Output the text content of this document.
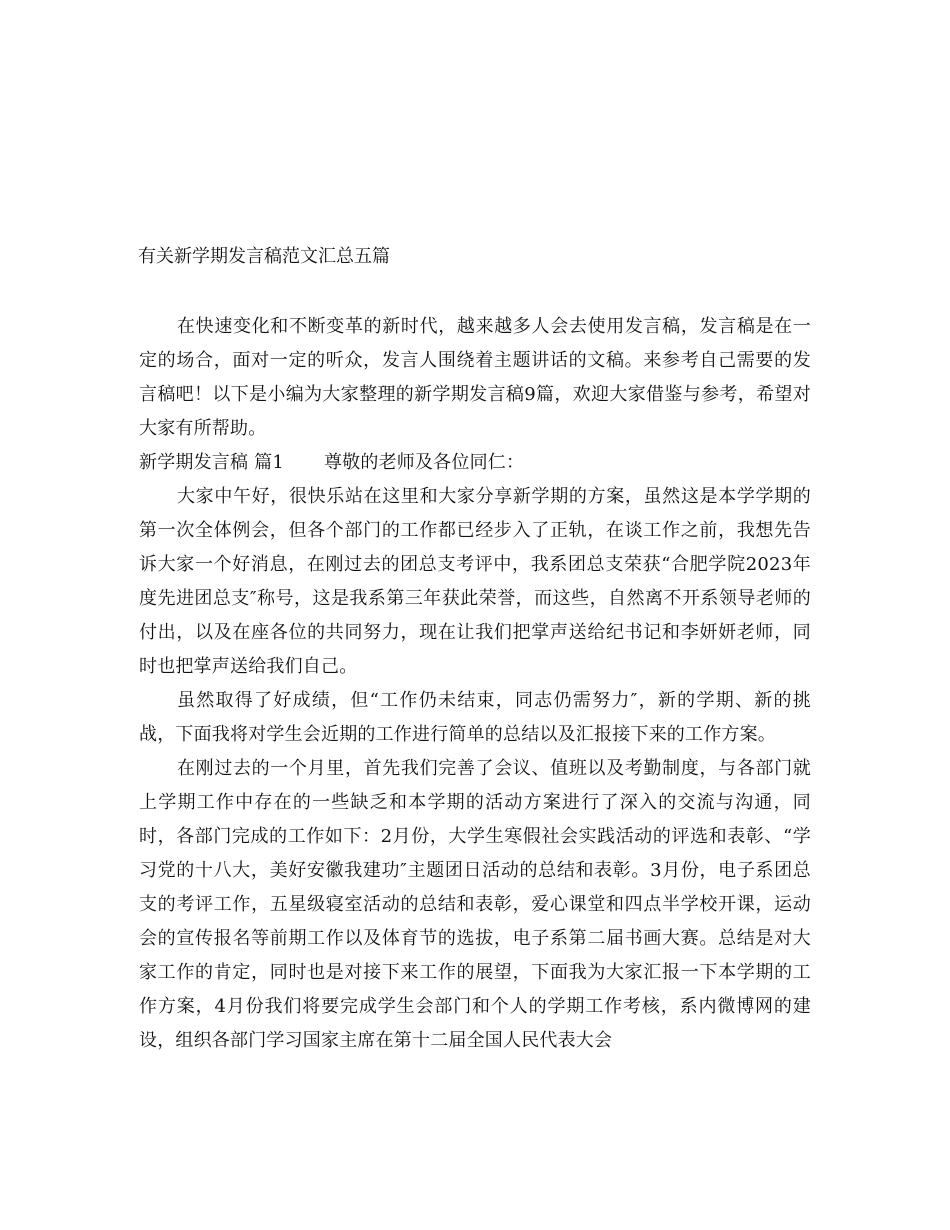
有关新学期发言稿范文汇总五篇

在快速变化和不断变革的新时代，越来越多人会去使用发言稿，发言稿是在一定的场合，面对一定的听众，发言人围绕着主题讲话的文稿。来参考自己需要的发言稿吧！以下是小编为大家整理的新学期发言稿9篇，欢迎大家借鉴与参考，希望对大家有所帮助。

新学期发言稿 篇1 尊敬的老师及各位同仁：

大家中午好，很快乐站在这里和大家分享新学期的方案，虽然这是本学学期的第一次全体例会，但各个部门的工作都已经步入了正轨，在谈工作之前，我想先告诉大家一个好消息，在刚过去的团总支考评中，我系团总支荣获“合肥学院2023年度先进团总支″称号，这是我系第三年获此荣誉，而这些，自然离不开系领导老师的付出，以及在座各位的共同努力，现在让我们把掌声送给纪书记和李妍妍老师，同时也把掌声送给我们自己。

虽然取得了好成绩，但“工作仍未结束，同志仍需努力″，新的学期、新的挑战，下面我将对学生会近期的工作进行简单的总结以及汇报接下来的工作方案。

在刚过去的一个月里，首先我们完善了会议、值班以及考勤制度，与各部门就上学期工作中存在的一些缺乏和本学期的活动方案进行了深入的交流与沟通，同时，各部门完成的工作如下：2月份，大学生寒假社会实践活动的评选和表彰、“学习党的十八大，美好安徽我建功″主题团日活动的总结和表彰。3月份，电子系团总支的考评工作，五星级寝室活动的总结和表彰，爱心课堂和四点半学校开课，运动会的宣传报名等前期工作以及体育节的选拔，电子系第二届书画大赛。总结是对大家工作的肯定，同时也是对接下来工作的展望，下面我为大家汇报一下本学期的工作方案，4月份我们将要完成学生会部门和个人的学期工作考核，系内微博网的建设，组织各部门学习国家主席在第十二届全国人民代表大会
